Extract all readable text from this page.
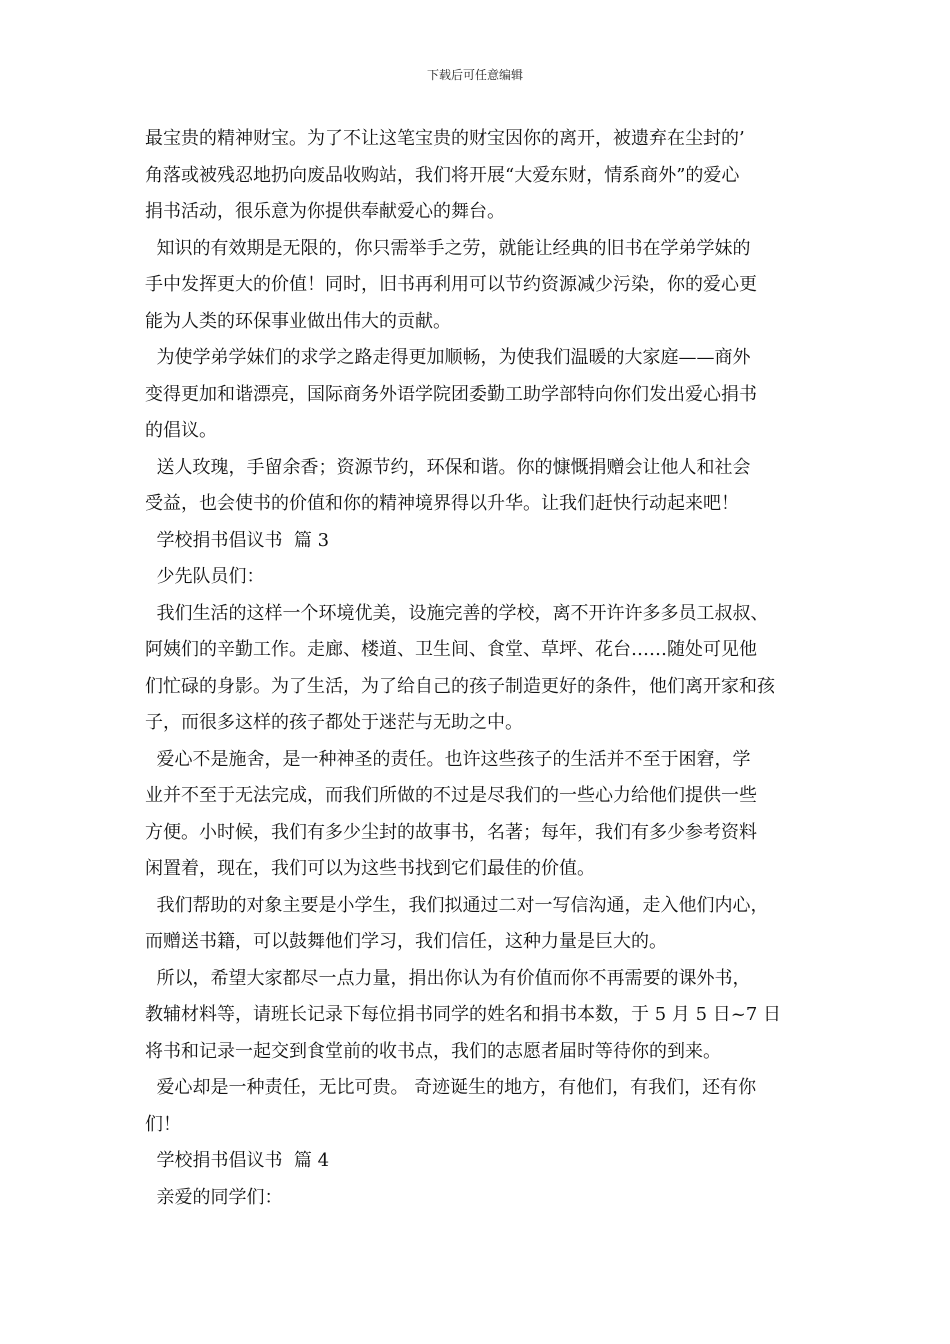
下载后可任意编辑
最宝贵的精神财宝。为了不让这笔宝贵的财宝因你的离开，被遗弃在尘封的’
角落或被残忍地扔向废品收购站，我们将开展“大爱东财，情系商外”的爱心
捐书活动，很乐意为你提供奉献爱心的舞台。
知识的有效期是无限的，你只需举手之劳，就能让经典的旧书在学弟学妹的
手中发挥更大的价值！同时，旧书再利用可以节约资源减少污染，你的爱心更
能为人类的环保事业做出伟大的贡献。
为使学弟学妹们的求学之路走得更加顺畅，为使我们温暖的大家庭——商外
变得更加和谐漂亮，国际商务外语学院团委勤工助学部特向你们发出爱心捐书
的倡议。
送人玫瑰，手留余香；资源节约，环保和谐。你的慷慨捐赠会让他人和社会
受益，也会使书的价值和你的精神境界得以升华。让我们赶快行动起来吧！
学校捐书倡议书  篇 3
少先队员们：
我们生活的这样一个环境优美，设施完善的学校，离不开许许多多员工叔叔、
阿姨们的辛勤工作。走廊、楼道、卫生间、食堂、草坪、花台……随处可见他
们忙碌的身影。为了生活，为了给自己的孩子制造更好的条件，他们离开家和孩
子，而很多这样的孩子都处于迷茫与无助之中。
爱心不是施舍，是一种神圣的责任。也许这些孩子的生活并不至于困窘，学
业并不至于无法完成，而我们所做的不过是尽我们的一些心力给他们提供一些
方便。小时候，我们有多少尘封的故事书，名著；每年，我们有多少参考资料
闲置着，现在，我们可以为这些书找到它们最佳的价值。
我们帮助的对象主要是小学生，我们拟通过二对一写信沟通，走入他们内心，
而赠送书籍，可以鼓舞他们学习，我们信任，这种力量是巨大的。
所以，希望大家都尽一点力量，捐出你认为有价值而你不再需要的课外书，
教辅材料等，请班长记录下每位捐书同学的姓名和捐书本数，于 5 月 5 日~7 日
将书和记录一起交到食堂前的收书点，我们的志愿者届时等待你的到来。
爱心却是一种责任，无比可贵。 奇迹诞生的地方，有他们，有我们，还有你
们！
学校捐书倡议书  篇 4
亲爱的同学们：
